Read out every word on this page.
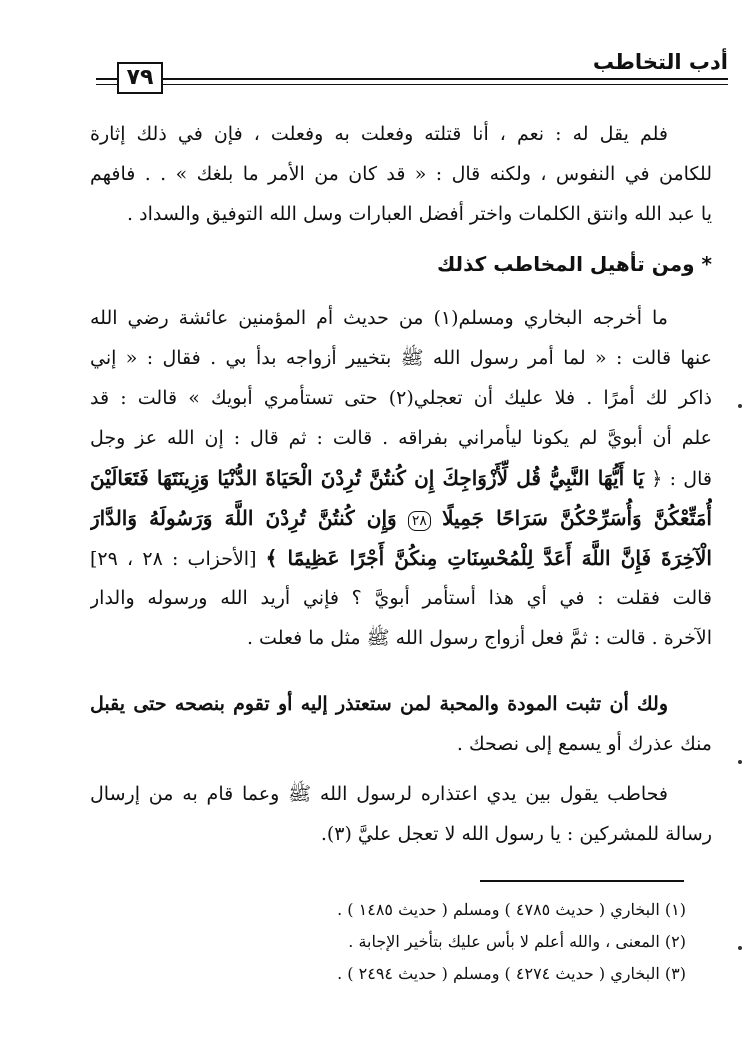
أدب التخاطب
٧٩
فلم يقل له : نعم ، أنا قتلته وفعلت به وفعلت ، فإن في ذلك إثارة
للكامن في النفوس ، ولكنه قال : « قد كان من الأمر ما بلغك » . . فافهم
يا عبد الله وانتق الكلمات واختر أفضل العبارات وسل الله التوفيق والسداد .
* ومن تأهيل المخاطب كذلك
ما أخرجه البخاري ومسلم(١) من حديث أم المؤمنين عائشة رضي الله
عنها قالت : « لما أمر رسول الله ﷺ بتخيير أزواجه بدأ بي . فقال : « إني
ذاكر لك أمرًا . فلا عليك أن تعجلي(٢) حتى تستأمري أبويك » قالت : قد
علم أن أبويَّ لم يكونا ليأمراني بفراقه . قالت : ثم قال : إن الله عز وجل
قال : ﴿ يَا أَيُّهَا النَّبِيُّ قُل لِّأَزْوَاجِكَ إِن كُنتُنَّ تُرِدْنَ الْحَيَاةَ الدُّنْيَا وَزِينَتَهَا فَتَعَالَيْنَ
أُمَتِّعْكُنَّ وَأُسَرِّحْكُنَّ سَرَاحًا جَمِيلًا ٢٨ وَإِن كُنتُنَّ تُرِدْنَ اللَّهَ وَرَسُولَهُ وَالدَّارَ
الْآخِرَةَ فَإِنَّ اللَّهَ أَعَدَّ لِلْمُحْسِنَاتِ مِنكُنَّ أَجْرًا عَظِيمًا ﴾ [الأحزاب : ٢٨ ، ٢٩]
قالت فقلت : في أي هذا أستأمر أبويَّ ؟ فإني أريد الله ورسوله والدار
الآخرة . قالت : ثمَّ فعل أزواج رسول الله ﷺ مثل ما فعلت .
ولك أن تثبت المودة والمحبة لمن ستعتذر إليه أو تقوم بنصحه حتى يقبل
منك عذرك أو يسمع إلى نصحك .
فحاطب يقول بين يدي اعتذاره لرسول الله ﷺ وعما قام به من إرسال
رسالة للمشركين : يا رسول الله لا تعجل عليَّ (٣).
(١) البخاري ( حديث ٤٧٨٥ ) ومسلم ( حديث ١٤٨٥ ) .
(٢) المعنى ، والله أعلم لا بأس عليك بتأخير الإجابة .
(٣) البخاري ( حديث ٤٢٧٤ ) ومسلم ( حديث ٢٤٩٤ ) .
